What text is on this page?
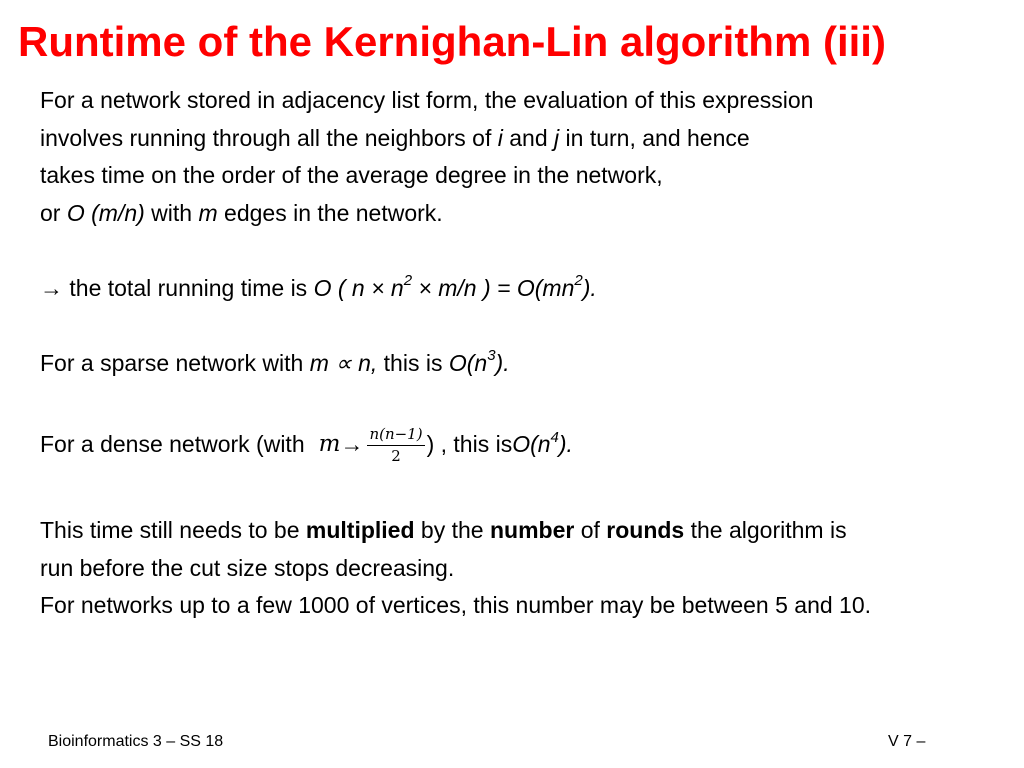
Runtime of the Kernighan-Lin algorithm (iii)

For a network stored in adjacency list form, the evaluation of this expression

involves running through all the neighbors of i and j in turn, and hence

takes time on the order of the average degree in the network,

or O (m/n) with m edges in the network.

→ the total running time is O ( $n \times n^2 \times m/n$ ) = $O(mn^2)$.

For a sparse network with m ∝ n, this is $O(n^3)$.

For a dense network (with $m \to \frac{n(n-1)}{2}$ ) , this is $O(n^4)$.

This time still needs to be multiplied by the number of rounds the algorithm is

run before the cut size stops decreasing.

For networks up to a few 1000 of vertices, this number may be between 5 and 10.

Bioinformatics 3 – SS 18	V 7 –
